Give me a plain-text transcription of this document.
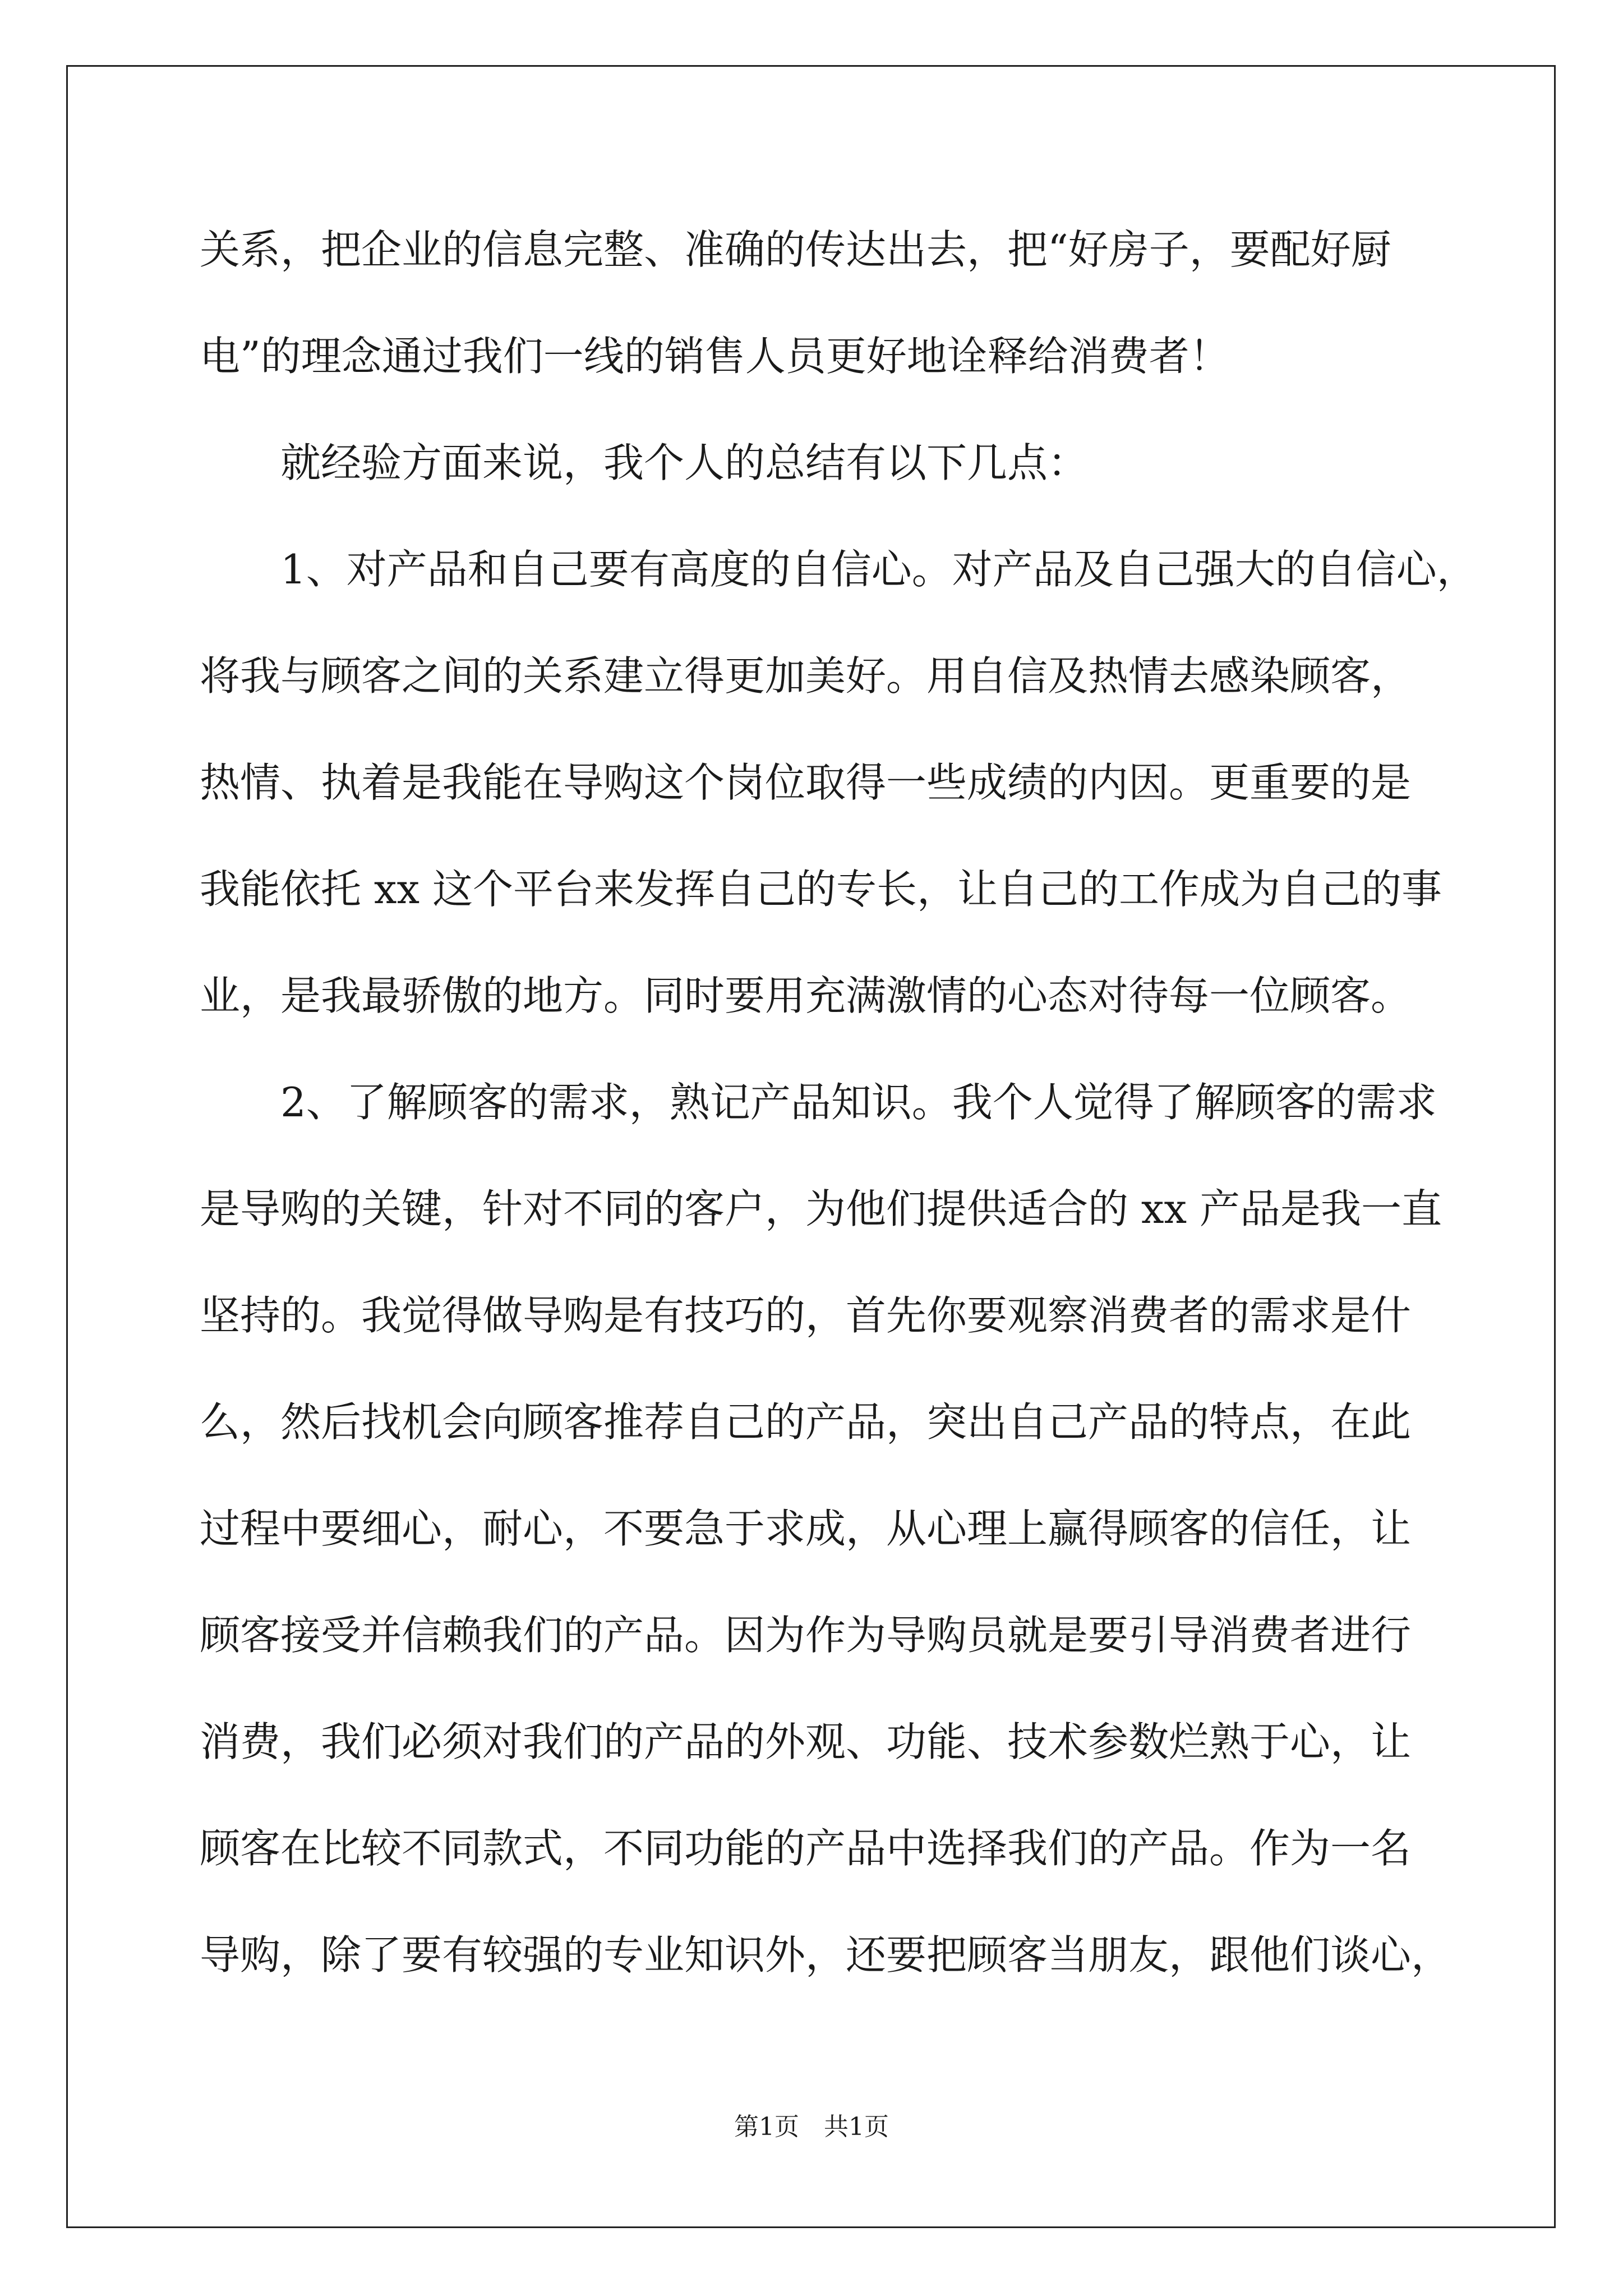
关系，把企业的信息完整、准确的传达出去，把“好房子，要配好厨
电”的理念通过我们一线的销售人员更好地诠释给消费者！
就经验方面来说，我个人的总结有以下几点：
1、对产品和自己要有高度的自信心。对产品及自己强大的自信心，
将我与顾客之间的关系建立得更加美好。用自信及热情去感染顾客，
热情、执着是我能在导购这个岗位取得一些成绩的内因。更重要的是
我能依托 xx 这个平台来发挥自己的专长，让自己的工作成为自己的事
业，是我最骄傲的地方。同时要用充满激情的心态对待每一位顾客。
2、了解顾客的需求，熟记产品知识。我个人觉得了解顾客的需求
是导购的关键，针对不同的客户，为他们提供适合的 xx 产品是我一直
坚持的。我觉得做导购是有技巧的，首先你要观察消费者的需求是什
么，然后找机会向顾客推荐自己的产品，突出自己产品的特点，在此
过程中要细心，耐心，不要急于求成，从心理上赢得顾客的信任，让
顾客接受并信赖我们的产品。因为作为导购员就是要引导消费者进行
消费，我们必须对我们的产品的外观、功能、技术参数烂熟于心，让
顾客在比较不同款式，不同功能的产品中选择我们的产品。作为一名
导购，除了要有较强的专业知识外，还要把顾客当朋友，跟他们谈心，
第1页　共1页
